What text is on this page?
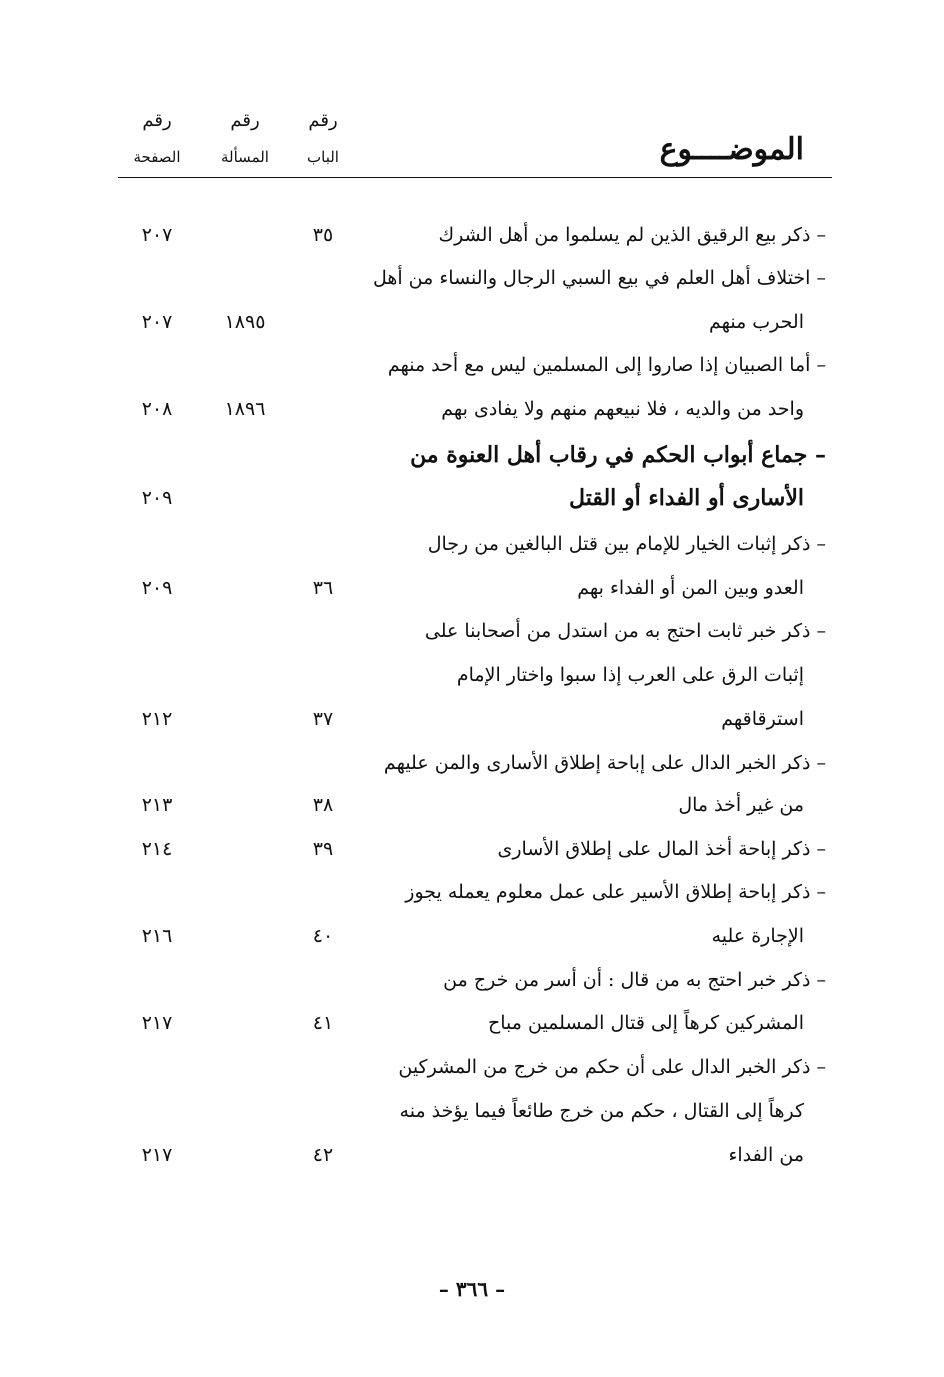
رقم
الباب
رقم
المسألة
رقم
الصفحة	الموضــــوع
– ذكر بيع الرقيق الذين لم يسلموا من أهل الشرك
٣٥
٢٠٧
– اختلاف أهل العلم في بيع السبي الرجال والنساء من أهل
الحرب منهم
١٨٩٥
٢٠٧
– أما الصبيان إذا صاروا إلى المسلمين ليس مع أحد منهم
واحد من والديه ، فلا نبيعهم منهم ولا يفادى بهم
١٨٩٦
٢٠٨
– جماع أبواب الحكم في رقاب أهل العنوة من
الأسارى أو الفداء أو القتل
٢٠٩
– ذكر إثبات الخيار للإمام بين قتل البالغين من رجال
العدو وبين المن أو الفداء بهم
٣٦
٢٠٩
– ذكر خبر ثابت احتج به من استدل من أصحابنا على
إثبات الرق على العرب إذا سبوا واختار الإمام
استرقاقهم
٣٧
٢١٢
– ذكر الخبر الدال على إباحة إطلاق الأسارى والمن عليهم
من غير أخذ مال
٣٨
٢١٣
– ذكر إباحة أخذ المال على إطلاق الأسارى
٣٩
٢١٤
– ذكر إباحة إطلاق الأسير على عمل معلوم يعمله يجوز
الإجارة عليه
٤٠
٢١٦
– ذكر خبر احتج به من قال : أن أسر من خرج من
المشركين كرهاً إلى قتال المسلمين مباح
٤١
٢١٧
– ذكر الخبر الدال على أن حكم من خرج من المشركين
كرهاً إلى القتال ، حكم من خرج طائعاً فيما يؤخذ منه
من الفداء
٤٢
٢١٧
– ٣٦٦ –
